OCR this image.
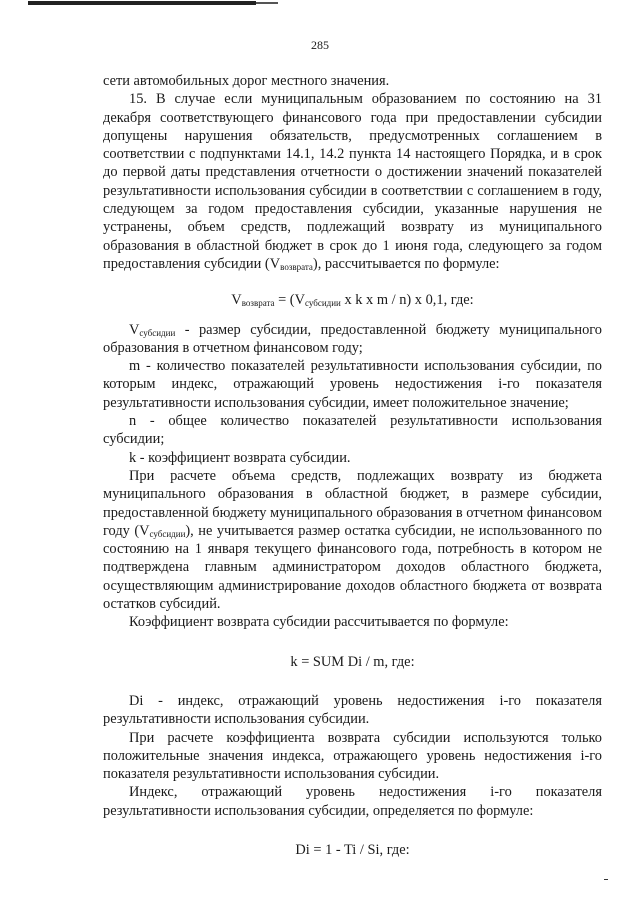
285

сети автомобильных дорог местного значения.

15. В случае если муниципальным образованием по состоянию на 31 декабря соответствующего финансового года при предоставлении субсидии допущены нарушения обязательств, предусмотренных соглашением в соответствии с подпунктами 14.1, 14.2 пункта 14 настоящего Порядка, и в срок до первой даты представления отчетности о достижении значений показателей результативности использования субсидии в соответствии с соглашением в году, следующем за годом предоставления субсидии, указанные нарушения не устранены, объем средств, подлежащий возврату из муниципального образования в областной бюджет в срок до 1 июня года, следующего за годом предоставления субсидии $(V_{возврата})$, рассчитывается по формуле:

$V_{возврата} = (V_{субсидии}$ x k x m / n) x 0,1, где:

$V_{субсидии}$ - размер субсидии, предоставленной бюджету муниципального образования в отчетном финансовом году;

m - количество показателей результативности использования субсидии, по которым индекс, отражающий уровень недостижения i-го показателя результативности использования субсидии, имеет положительное значение;

n - общее количество показателей результативности использования субсидии;

k - коэффициент возврата субсидии.

При расчете объема средств, подлежащих возврату из бюджета муниципального образования в областной бюджет, в размере субсидии, предоставленной бюджету муниципального образования в отчетном финансовом году $(V_{субсидии})$, не учитывается размер остатка субсидии, не использованного по состоянию на 1 января текущего финансового года, потребность в котором не подтверждена главным администратором доходов областного бюджета, осуществляющим администрирование доходов областного бюджета от возврата остатков субсидий.

Коэффициент возврата субсидии рассчитывается по формуле:

k = SUM Di / m, где:

Di - индекс, отражающий уровень недостижения i-го показателя результативности использования субсидии.

При расчете коэффициента возврата субсидии используются только положительные значения индекса, отражающего уровень недостижения i-го показателя результативности использования субсидии.

Индекс, отражающий уровень недостижения i-го показателя результативности использования субсидии, определяется по формуле:

Di = 1 - Ti / Si, где:
